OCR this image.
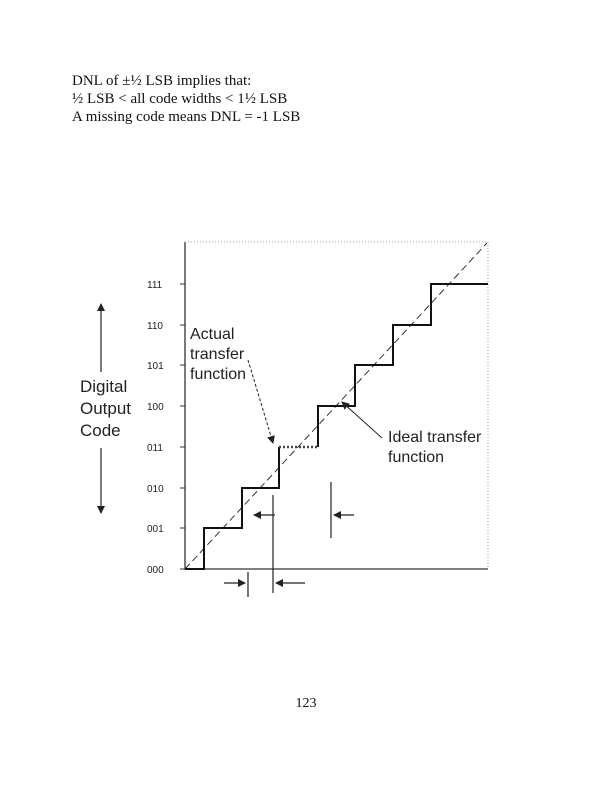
DNL of ±½ LSB implies that:
½ LSB < all code widths < 1½ LSB
A missing code means DNL = -1 LSB
000
001
010
011
100
101
110
111
Digital
Output
Code
Actual
transfer
function
Ideal transfer
function
123
